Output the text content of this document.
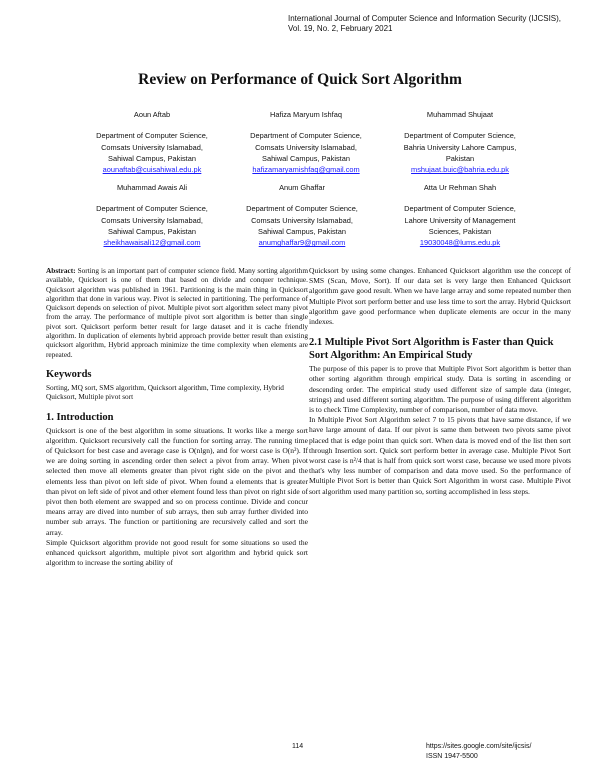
International Journal of Computer Science and Information Security (IJCSIS),
Vol. 19, No. 2, February 2021
Review on Performance of Quick Sort Algorithm
Aoun Aftab
Department of Computer Science,
Comsats University Islamabad,
Sahiwal Campus, Pakistan
aounaftab@cuisahiwal.edu.pk
Hafiza Maryum Ishfaq
Department of Computer Science,
Comsats University Islamabad,
Sahiwal Campus, Pakistan
hafizamaryamishfaq@gmail.com
Muhammad Shujaat
Department of Computer Science,
Bahria University Lahore Campus,
Pakistan
mshujaat.buic@bahria.edu.pk
Muhammad Awais Ali
Department of Computer Science,
Comsats University Islamabad,
Sahiwal Campus, Pakistan
sheikhawaisali12@gmail.com
Anum Ghaffar
Department of Computer Science,
Comsats University Islamabad,
Sahiwal Campus, Pakistan
anumghaffar9@gmail.com
Atta Ur Rehman Shah
Department of Computer Science,
Lahore University of Management
Sciences, Pakistan
19030048@lums.edu.pk

Abstract: Sorting is an important part of computer science field. Many sorting algorithm available, Quicksort is one of them that based on divide and conquer technique. Quicksort algorithm was published in 1961. Partitioning is the main thing in Quicksort algorithm that done in various way. Pivot is selected in partitioning. The performance of Quicksort depends on selection of pivot. Multiple pivot sort algorithm select many pivot from the array. The performance of multiple pivot sort algorithm is better than single pivot sort. Quicksort perform better result for large dataset and it is cache friendly algorithm. In duplication of elements hybrid approach provide better result than existing quicksort algorithm, Hybrid approach minimize the time complexity when elements are repeated.

Keywords

Sorting, MQ sort, SMS algorithm, Quicksort algorithm, Time complexity, Hybrid Quicksort, Multiple pivot sort

1. Introduction

Quicksort is one of the best algorithm in some situations. It works like a merge sort algorithm. Quicksort recursively call the function for sorting array. The running time of Quicksort for best case and average case is O(nlgn), and for worst case is O(n²). If we are doing sorting in ascending order then select a pivot from array. When pivot selected then move all elements greater than pivot right side on the pivot and the elements less than pivot on left side of pivot. When found a elements that is greater than pivot on left side of pivot and other element found less than pivot on right side of pivot then both element are swapped and so on process continue. Divide and concur means array are dived into number of sub arrays, then sub array further divided into number sub arrays. The function or partitioning are recursively called and sort the array.

Simple Quicksort algorithm provide not good result for some situations so used the enhanced quicksort algorithm, multiple pivot sort algorithm and hybrid quick sort algorithm to increase the sorting ability of

Quicksort by using some changes. Enhanced Quicksort algorithm use the concept of SMS (Scan, Move, Sort). If our data set is very large then Enhanced Quicksort algorithm gave good result. When we have large array and some repeated number then Multiple Pivot sort perform better and use less time to sort the array. Hybrid Quicksort algorithm gave good performance when duplicate elements are occur in the many indexes.

2.1 Multiple Pivot Sort Algorithm is Faster than Quick Sort Algorithm: An Empirical Study

The purpose of this paper is to prove that Multiple Pivot Sort algorithm is better than other sorting algorithm through empirical study. Data is sorting in ascending or descending order. The empirical study used different size of sample data (integer, strings) and used different sorting algorithm. The purpose of using different algorithm is to check Time Complexity, number of comparison, number of data move.

In Multiple Pivot Sort Algorithm select 7 to 15 pivots that have same distance, if we have large amount of data. If our pivot is same then between two pivots same pivot placed that is edge point than quick sort. When data is moved end of the list then sort through Insertion sort. Quick sort perform better in average case. Multiple Pivot Sort worst case is n²/4 that is half from quick sort worst case, because we used more pivots that's why less number of comparison and data move used. So the performance of Multiple Pivot Sort is better than Quick Sort Algorithm in worst case. Multiple Pivot sort algorithm used many partition so, sorting accomplished in less steps.

114	https://sites.google.com/site/ijcsis/
ISSN 1947-5500
